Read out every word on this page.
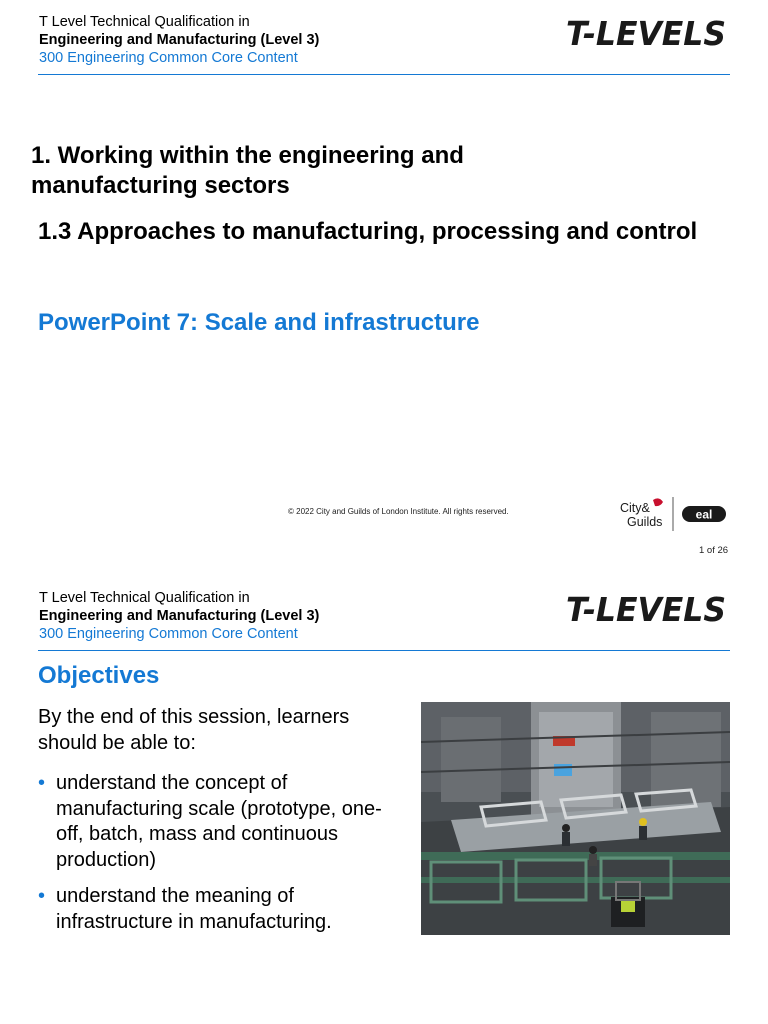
T Level Technical Qualification in
Engineering and Manufacturing (Level 3)
300 Engineering Common Core Content
T-LEVELS
1. Working within the engineering and manufacturing sectors
1.3 Approaches to manufacturing, processing and control
PowerPoint 7: Scale and infrastructure
© 2022 City and Guilds of London Institute. All rights reserved.	City&
Guilds
eal
1 of 26
T Level Technical Qualification in
Engineering and Manufacturing (Level 3)
300 Engineering Common Core Content
T-LEVELS
Objectives
By the end of this session, learners should be able to:
• understand the concept of manufacturing scale (prototype, one-off, batch, mass and continuous production)
• understand the meaning of infrastructure in manufacturing.
